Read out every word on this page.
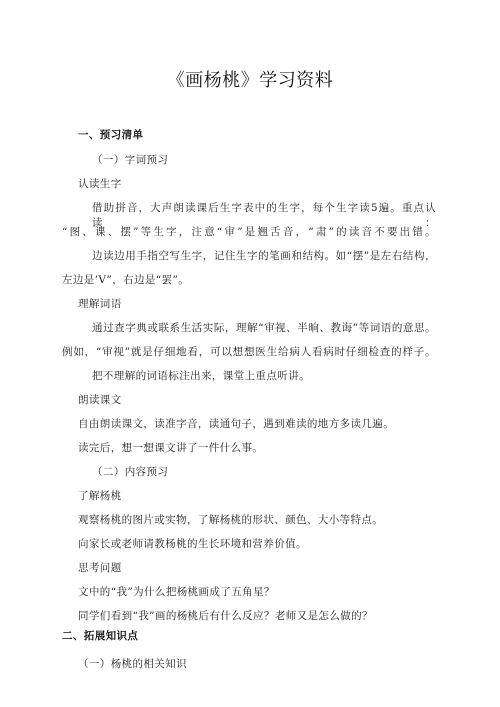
《画杨桃》学习资料
一、预习清单
（一）字词预习
认读生字
借助拼音，大声朗读课后生字表中的生字，每个生字读5遍。重点认读：
“图、课、摆”等生字，注意“审”是翘舌音，“肃”的读音不要出错。
边读边用手指空写生字，记住生字的笔画和结构。如“摆”是左右结构，
左边是’Ⅴ”，右边是“罢”。
理解词语
通过查字典或联系生活实际，理解“审视、半晌、教诲”等词语的意思。
例如，“审视”就是仔细地看，可以想想医生给病人看病时仔细检查的样子。
把不理解的词语标注出来，课堂上重点听讲。
朗读课文
自由朗读课文，读准字音，读通句子，遇到难读的地方多读几遍。
读完后，想一想课文讲了一件什么事。
（二）内容预习
了解杨桃
观察杨桃的图片或实物，了解杨桃的形状、颜色、大小等特点。
向家长或老师请教杨桃的生长环境和营养价值。
思考问题
文中的“我”为什么把杨桃画成了五角星？
同学们看到“我”画的杨桃后有什么反应？老师又是怎么做的？
二、拓展知识点
（一）杨桃的相关知识
